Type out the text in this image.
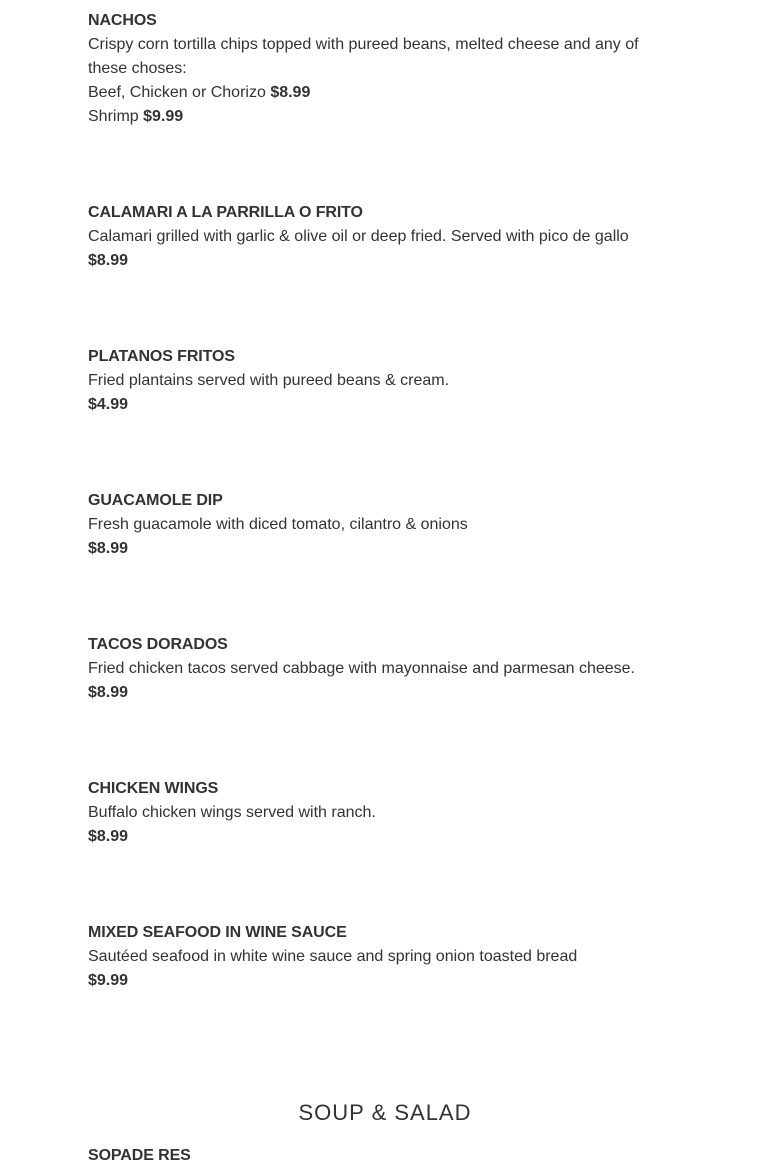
NACHOS
Crispy corn tortilla chips topped with pureed beans, melted cheese and any of these choses:
Beef, Chicken or Chorizo $8.99
Shrimp $9.99
CALAMARI A LA PARRILLA O FRITO
Calamari grilled with garlic & olive oil or deep fried. Served with pico de gallo
$8.99
PLATANOS FRITOS
Fried plantains served with pureed beans & cream.
$4.99
GUACAMOLE DIP
Fresh guacamole with diced tomato, cilantro & onions
$8.99
TACOS DORADOS
Fried chicken tacos served cabbage with mayonnaise and parmesan cheese.
$8.99
CHICKEN WINGS
Buffalo chicken wings served with ranch.
$8.99
MIXED SEAFOOD IN WINE SAUCE
Sautéed seafood in white wine sauce and spring onion toasted bread
$9.99
SOUP & SALAD
SOPADE RES
